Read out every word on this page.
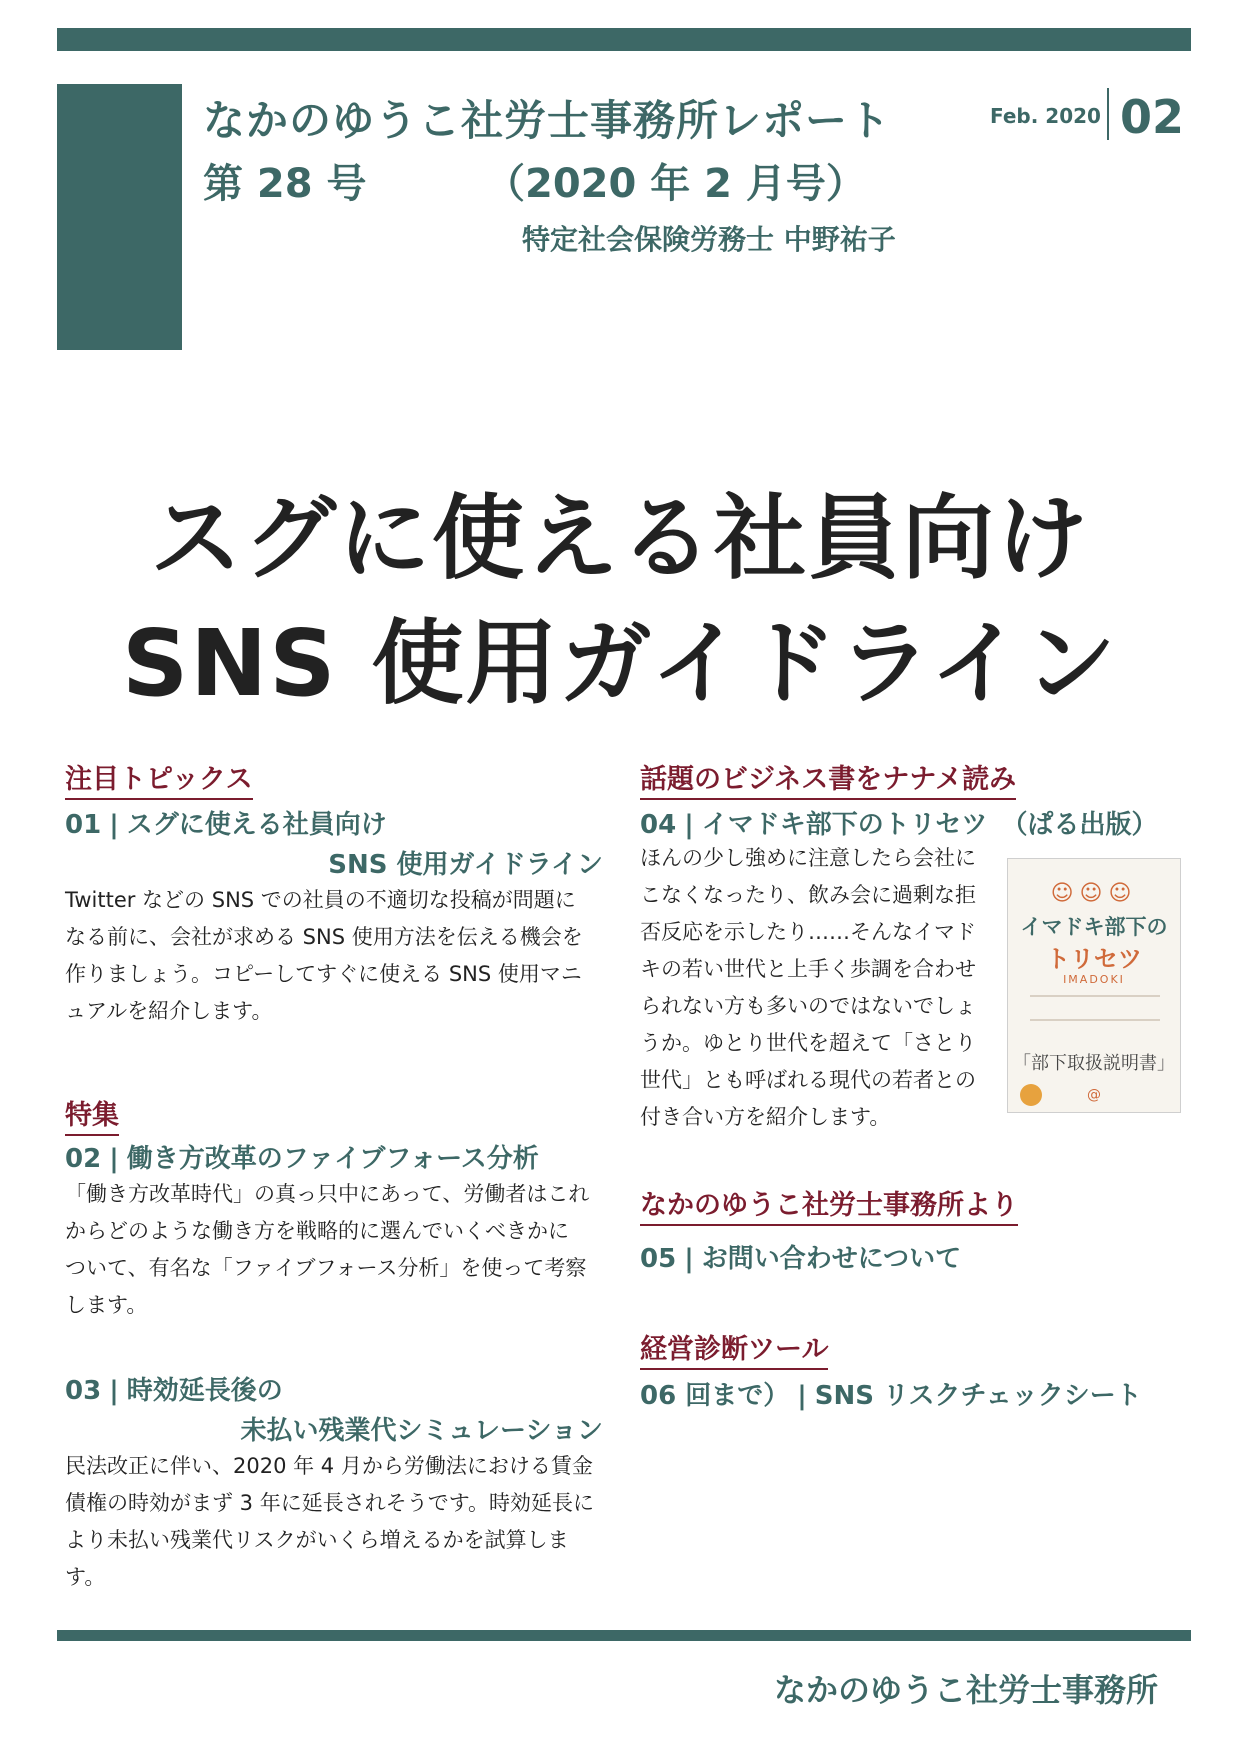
なかのゆうこ社労士事務所レポート
第 28 号	（2020 年 2 月号）
特定社会保険労務士 中野祐子
Feb. 2020 02
スグに使える社員向け
SNS 使用ガイドライン
注目トピックス
01 | スグに使える社員向け
SNS 使用ガイドライン

Twitter などの SNS での社員の不適切な投稿が問題に

なる前に、会社が求める SNS 使用方法を伝える機会を

作りましょう。コピーしてすぐに使える SNS 使用マニ

ュアルを紹介します。

特集
02 | 働き方改革のファイブフォース分析

「働き方改革時代」の真っ只中にあって、労働者はこれ

からどのような働き方を戦略的に選んでいくべきかに

ついて、有名な「ファイブフォース分析」を使って考察

します。

03 | 時効延長後の
未払い残業代シミュレーション

民法改正に伴い、2020 年 4 月から労働法における賃金

債権の時効がまず 3 年に延長されそうです。時効延長に

より未払い残業代リスクがいくら増えるかを試算しま

す。

話題のビジネス書をナナメ読み
04 | イマドキ部下のトリセツ （ぱる出版）

ほんの少し強めに注意したら会社に

こなくなったり、飲み会に過剰な拒

否反応を示したり……そんなイマド

キの若い世代と上手く歩調を合わせ

られない方も多いのではないでしょ

うか。ゆとり世代を超えて「さとり

世代」とも呼ばれる現代の若者との

付き合い方を紹介します。

☺☺☺
イマドキ部下の
トリセツ
IMADOKI
「部下取扱説明書」
@
なかのゆうこ社労士事務所より
05 | お問い合わせについて
経営診断ツール
06 回まで） | SNS リスクチェックシート
なかのゆうこ社労士事務所
